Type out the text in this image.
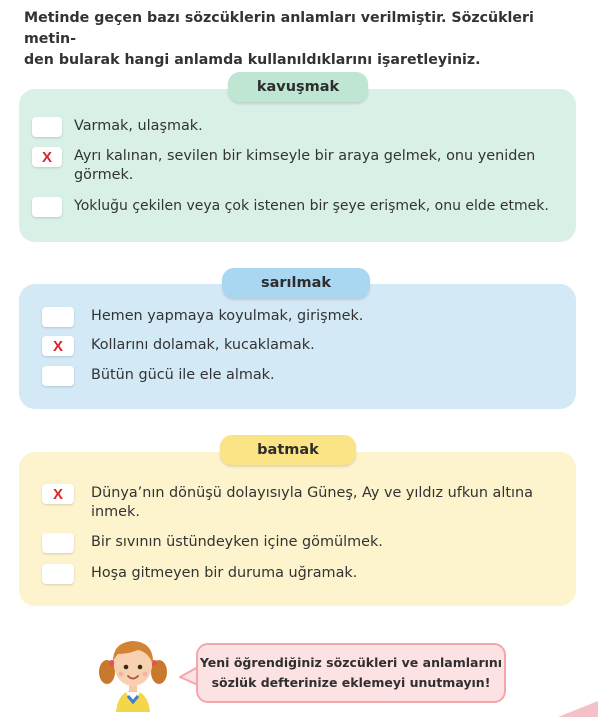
Metinde geçen bazı sözcüklerin anlamları verilmiştir. Sözcükleri metin-
den bularak hangi anlamda kullanıldıklarını işaretleyiniz.
kavuşmak
Varmak, ulaşmak.
X Ayrı kalınan, sevilen bir kimseyle bir araya gelmek, onu yeniden
görmek.
Yokluğu çekilen veya çok istenen bir şeye erişmek, onu elde etmek.
sarılmak
Hemen yapmaya koyulmak, girişmek.
X Kollarını dolamak, kucaklamak.
Bütün gücü ile ele almak.
batmak
X Dünya’nın dönüşü dolayısıyla Güneş, Ay ve yıldız ufkun altına
inmek.
Bir sıvının üstündeyken içine gömülmek.
Hoşa gitmeyen bir duruma uğramak.
Yeni öğrendiğiniz sözcükleri ve anlamlarını
sözlük defterinize eklemeyi unutmayın!
